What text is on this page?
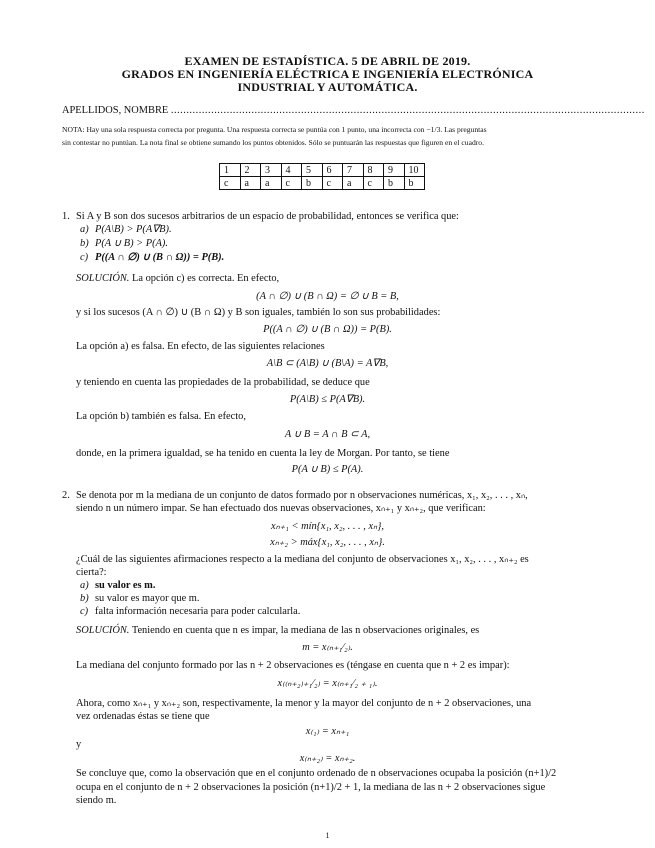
EXAMEN DE ESTADÍSTICA. 5 DE ABRIL DE 2019.
GRADOS EN INGENIERÍA ELÉCTRICA E INGENIERÍA ELECTRÓNICA
INDUSTRIAL Y AUTOMÁTICA.
APELLIDOS, NOMBRE .........................................................................................................................................................
NOTA: Hay una sola respuesta correcta por pregunta. Una respuesta correcta se puntúa con 1 punto, una incorrecta con −1/3. Las preguntas
sin contestar no puntúan. La nota final se obtiene sumando los puntos obtenidos. Sólo se puntuarán las respuestas que figuren en el cuadro.
1	2	3	4	5	6	7	8	9	10
c	a	a	c	b	c	a	c	b	b
1. Si A y B son dos sucesos arbitrarios de un espacio de probabilidad, entonces se verifica que:
a) P(A\B) > P(A∇B).
b) P(A ∪ B) > P(A).
c) P((A ∩ ∅) ∪ (B ∩ Ω)) = P(B).
SOLUCIÓN. La opción c) es correcta. En efecto,
(A ∩ ∅) ∪ (B ∩ Ω) = ∅ ∪ B = B,
y si los sucesos (A ∩ ∅) ∪ (B ∩ Ω) y B son iguales, también lo son sus probabilidades:
P((A ∩ ∅) ∪ (B ∩ Ω)) = P(B).
La opción a) es falsa. En efecto, de las siguientes relaciones
A\B ⊂ (A\B) ∪ (B\A) = A∇B,
y teniendo en cuenta las propiedades de la probabilidad, se deduce que
P(A\B) ≤ P(A∇B).
La opción b) también es falsa. En efecto,
A ∪ B = A ∩ B ⊂ A,
donde, en la primera igualdad, se ha tenido en cuenta la ley de Morgan. Por tanto, se tiene
P(A ∪ B) ≤ P(A).
2. Se denota por m la mediana de un conjunto de datos formado por n observaciones numéricas, x₁, x₂, . . . , xₙ,
siendo n un número impar. Se han efectuado dos nuevas observaciones, xₙ₊₁ y xₙ₊₂, que verifican:
xₙ₊₁ < mín{x₁, x₂, . . . , xₙ},
xₙ₊₂ > máx{x₁, x₂, . . . , xₙ}.
¿Cuál de las siguientes afirmaciones respecto a la mediana del conjunto de observaciones x₁, x₂, . . . , xₙ₊₂ es
cierta?:
a) su valor es m.
b) su valor es mayor que m.
c) falta información necesaria para poder calcularla.
SOLUCIÓN. Teniendo en cuenta que n es impar, la mediana de las n observaciones originales, es
m = x₍ₙ₊₁⁄₂₎.
La mediana del conjunto formado por las n + 2 observaciones es (téngase en cuenta que n + 2 es impar):
x₍₍ₙ₊₂₎₊₁⁄₂₎ = x₍ₙ₊₁⁄₂ ₊ ₁₎.
Ahora, como xₙ₊₁ y xₙ₊₂ son, respectivamente, la menor y la mayor del conjunto de n + 2 observaciones, una
vez ordenadas éstas se tiene que
x₍₁₎ = xₙ₊₁
y
x₍ₙ₊₂₎ = xₙ₊₂.
Se concluye que, como la observación que en el conjunto ordenado de n observaciones ocupaba la posición (n+1)/2
ocupa en el conjunto de n + 2 observaciones la posición (n+1)/2 + 1, la mediana de las n + 2 observaciones sigue
siendo m.
1
